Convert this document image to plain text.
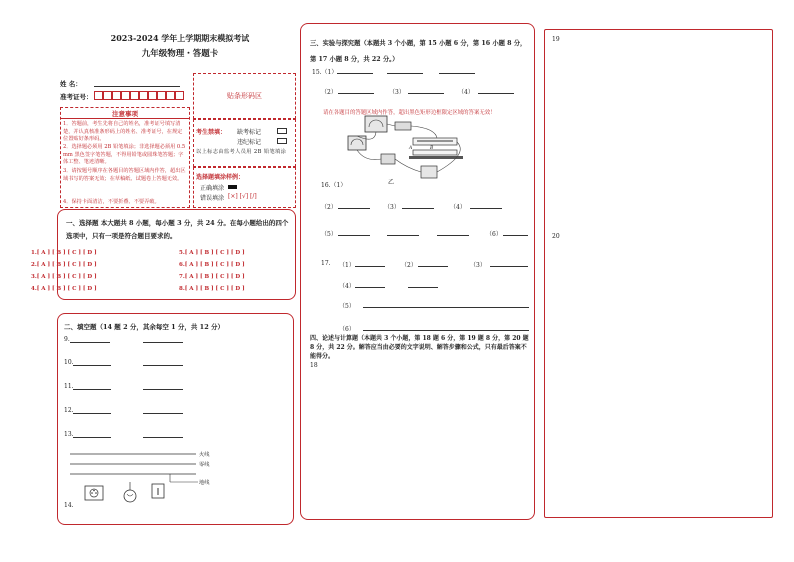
2023-2024 学年上学期期末模拟考试
九年级物理・答题卡
姓 名：
准考证号：	贴条形码区
注意事项
1．答题前，考生先将自己的姓名，准考证号填写清楚，并认真核准条形码上的姓名、准考证号，在规定位置贴好条形码。
2．选择题必须用 2B 铅笔填涂；非选择题必须用 0.5 mm 黑色签字笔答题，不得用铅笔或圆珠笔答题；字体工整、笔迹清晰。
3．请按题号顺序在各题目的答题区域内作答，超出区域书写的答案无效；在草稿纸、试题卷上答题无效。
4．保持卡面清洁，不要折叠、不要弄破。
考生禁填： 缺考标记
违纪标记
以上标志由监考人员用 2B 铅笔填涂
选择题填涂样例：
正确填涂
错误填涂 [×] [√] [/]
一、选择题 本大题共 8 小题，每小题 3 分，共 24 分。在每小题给出的四个选项中，只有一项是符合题目要求的。
1.[ A ] [ B ] [ C ] [ D ]
2.[ A ] [ B ] [ C ] [ D ]
3.[ A ] [ B ] [ C ] [ D ]
4.[ A ] [ B ] [ C ] [ D ]
5.[ A ] [ B ] [ C ] [ D ]
6.[ A ] [ B ] [ C ] [ D ]
7.[ A ] [ B ] [ C ] [ D ]
8.[ A ] [ B ] [ C ] [ D ]
二、填空题（14 题 2 分，其余每空 1 分，共 12 分）
9.
10.
11.
12.
13.
火线
零线
地线
14.
三、实验与探究题（本题共 3 个小题，第 15 小题 6 分，第 16 小题 8 分，第 17 小题 8 分，共 22 分。）
15.（1）
（2）	（3）	（4）
请在各题目的答题区域内作答，超出黑色矩形边框限定区域的答案无效！
乙
A	B
16.（1）
（2）	（3）	（4）
（5）	（6）
17. （1）	（2）	（3）
（4）
（5）
（6）
四、论述与计算题（本题共 3 个小题，第 18 题 6 分，第 19 题 8 分，第 20 题 8 分，共 22 分。解答应当由必要的文字说明、解答步骤和公式，只有最后答案不能得分。
18
19
20
